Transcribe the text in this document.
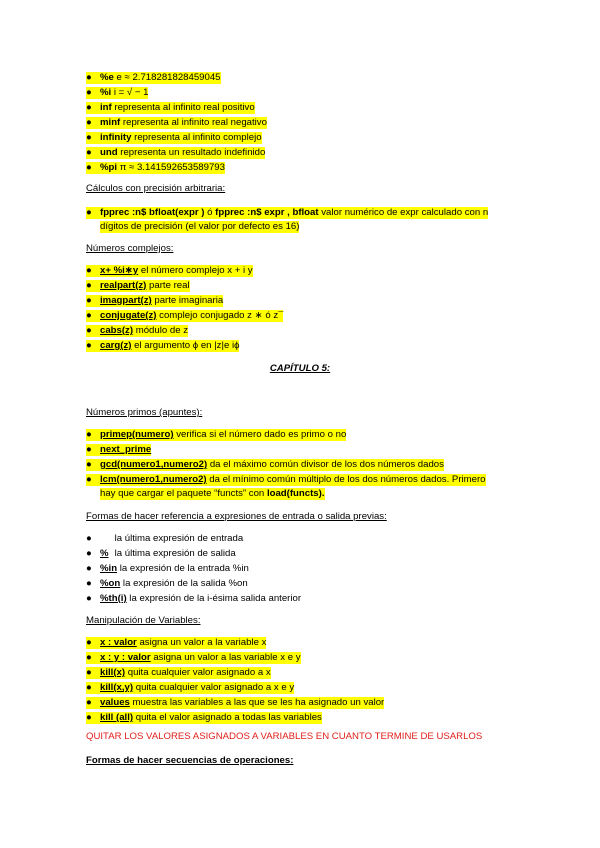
● %e e ≈ 2.718281828459045
● %i i = √ − 1
● inf representa al infinito real positivo
● minf representa al infinito real negativo
● infinity representa al infinito complejo
● und representa un resultado indefinido
● %pi π ≈ 3.141592653589793
Cálculos con precisión arbitraria:
● fpprec :n$ bfloat(expr ) ó fpprec :n$ expr , bfloat valor numérico de expr calculado con n
dígitos de precisión (el valor por defecto es 16)
Números complejos:
● x+ %i∗y el número complejo x + i y
● realpart(z) parte real
● imagpart(z) parte imaginaria
● conjugate(z) complejo conjugado z ∗ ó z¯
● cabs(z) módulo de z
● carg(z) el argumento ϕ en |z|e iϕ
CAPÍTULO 5:
Números primos (apuntes):
● primep(numero) verifica si el número dado es primo o no
● next_prime
● gcd(numero1,numero2) da el máximo común divisor de los dos números dados
● lcm(numero1,numero2) da el mínimo común múltiplo de los dos números dados. Primero
hay que cargar el paquete “functs” con load(functs).
Formas de hacer referencia a expresiones de entrada o salida previas:
● la última expresión de entrada
● % la última expresión de salida
● %in la expresión de la entrada %in
● %on la expresión de la salida %on
● %th(i) la expresión de la i-ésima salida anterior
Manipulación de Variables:
● x : valor asigna un valor a la variable x
● x : y : valor asigna un valor a las variable x e y
● kill(x) quita cualquier valor asignado a x
● kill(x,y) quita cualquier valor asignado a x e y
● values muestra las variables a las que se les ha asignado un valor
● kill (all) quita el valor asignado a todas las variables
QUITAR LOS VALORES ASIGNADOS A VARIABLES EN CUANTO TERMINE DE USARLOS
Formas de hacer secuencias de operaciones:
